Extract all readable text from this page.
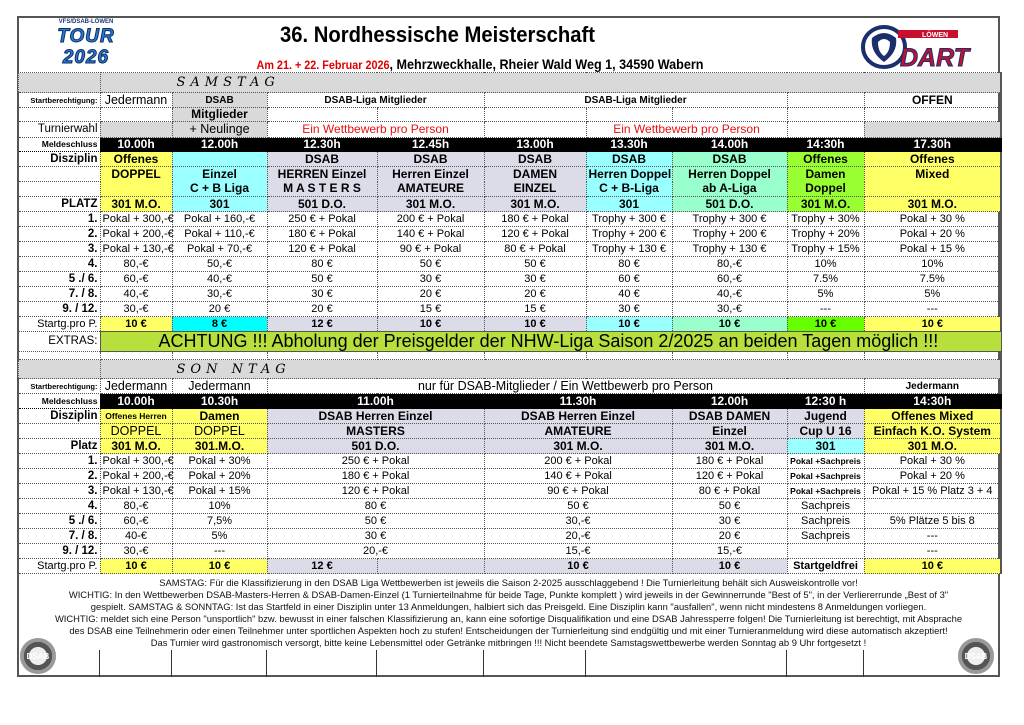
VFS/DSAB-LÖWEN
TOUR
2026
36. Nordhessische Meisterschaft
Am 21. + 22. Februar 2026, Mehrzweckhalle, Rheier Wald Weg 1, 34590 Wabern
LÖWEN
DART
	SAMSTAG								
Startberechtigung:	Jedermann	DSAB	DSAB-Liga Mitglieder		DSAB-Liga Mitglieder				OFFEN
		Mitglieder							
Turnierwahl		+ Neulinge	Ein Wettbewerb pro Person			Ein Wettbewerb pro Person			
Meldeschluss	10.00h	12.00h	12.30h	12.45h	13.00h	13.30h	14.00h	14:30h	17.30h
Disziplin	Offenes		DSAB	DSAB	DSAB	DSAB	DSAB	Offenes	Offenes
	DOPPEL	Einzel	HERREN Einzel	Herren Einzel	DAMEN	Herren Doppel	Herren Doppel	Damen	Mixed
		C + B Liga	M A S T E R S	AMATEURE	EINZEL	C + B-Liga	ab A-Liga	Doppel	
PLATZ	301 M.O.	301	501 D.O.	301 M.O.	301 M.O.	301	501 D.O.	301 M.O.	301 M.O.
1.	Pokal + 300,-€	Pokal + 160,-€	250 € + Pokal	200 € + Pokal	180 € + Pokal	Trophy + 300 €	Trophy + 300 €	Trophy + 30%	Pokal + 30 %
2.	Pokal + 200,-€	Pokal + 110,-€	180 € + Pokal	140 € + Pokal	120 € + Pokal	Trophy + 200 €	Trophy + 200 €	Trophy + 20%	Pokal + 20 %
3.	Pokal + 130,-€	Pokal + 70,-€	120 € + Pokal	90 € + Pokal	80 € + Pokal	Trophy + 130 €	Trophy + 130 €	Trophy + 15%	Pokal + 15 %
4.	80,-€	50,-€	80 €	50 €	50 €	80 €	80,-€	10%	10%
5 ./ 6.	60,-€	40,-€	50 €	30 €	30 €	60 €	60,-€	7.5%	7.5%
7. / 8.	40,-€	30,-€	30 €	20 €	20 €	40 €	40,-€	5%	5%
9. / 12.	30,-€	20 €	20 €	15 €	15 €	30 €	30,-€	---	---
Startg.pro P.	10 €	8 €	12 €	10 €	10 €	10 €	10 €	10 €	10 €
EXTRAS:	ACHTUNG !!! Abholung der Preisgelder der NHW-Liga Saison 2/2025 an beiden Tagen möglich !!!								

	SON NTAG								
Startberechtigung:	Jedermann	Jedermann	nur für DSAB-Mitglieder / Ein Wettbewerb pro Person						Jedermann
Meldeschluss	10.00h	10.30h	11.00h		11.30h		12.00h	12:30 h	14:30h
Disziplin	Offenes Herren	Damen	DSAB Herren Einzel		DSAB Herren Einzel		DSAB DAMEN	Jugend	Offenes Mixed
	DOPPEL	DOPPEL	MASTERS		AMATEURE		Einzel	Cup U 16	Einfach K.O. System
Platz	301 M.O.	301.M.O.	501 D.O.		301 M.O.		301 M.O.	301	301 M.O.
1.	Pokal + 300,-€	Pokal + 30%	250 € + Pokal		200 € + Pokal		180 € + Pokal	Pokal +Sachpreis	Pokal + 30 %
2.	Pokal + 200,-€	Pokal + 20%	180 € + Pokal		140 € + Pokal		120 € + Pokal	Pokal +Sachpreis	Pokal + 20 %
3.	Pokal + 130,-€	Pokal + 15%	120 € + Pokal		90 € + Pokal		80 € + Pokal	Pokal +Sachpreis	Pokal + 15 % Platz 3 + 4
4.	80,-€	10%	80 €		50 €		50 €	Sachpreis	
5 ./ 6.	60,-€	7,5%	50 €		30,-€		30 €	Sachpreis	5% Plätze 5 bis 8
7. / 8.	40-€	5%	30 €		20,-€		20 €	Sachpreis	---
9. / 12.	30,-€	---	20,-€		15,-€		15,-€		---
Startg.pro P.	10 €	10 €	12 €		10 €		10 €	Startgeldfrei	10 €
SAMSTAG: Für die Klassifizierung in den DSAB Liga Wettbewerben ist jeweils die Saison 2-2025 ausschlaggebend ! Die Turnierleitung behält sich Ausweiskontrolle vor!
WICHTIG: In den Wettbewerben DSAB-Masters-Herren & DSAB-Damen-Einzel (1 Turnierteilnahme für beide Tage, Punkte komplett ) wird jeweils in der Gewinnerrunde "Best of 5", in der Verliererrunde „Best of 3"
gespielt. SAMSTAG & SONNTAG: Ist das Startfeld in einer Disziplin unter 13 Anmeldungen, halbiert sich das Preisgeld. Eine Disziplin kann "ausfallen", wenn nicht mindestens 8 Anmeldungen vorliegen.
WICHTIG: meldet sich eine Person "unsportlich" bzw. bewusst in einer falschen Klassifizierung an, kann eine sofortige Disqualifikation und eine DSAB Jahressperre folgen! Die Turnierleitung ist berechtigt, mit Absprache
des DSAB eine Teilnehmerin oder einen Teilnehmer unter sportlichen Aspekten hoch zu stufen! Entscheidungen der Turnierleitung sind endgültig und mit einer Turnieranmeldung wird diese automatisch akzeptiert!
Das Turnier wird gastronomisch versorgt, bitte keine Lebensmittel oder Getränke mitbringen !!! Nicht beendete Samstagswettbewerbe werden Sonntag ab 9 Uhr fortgesetzt !
DSAB	DSAB
